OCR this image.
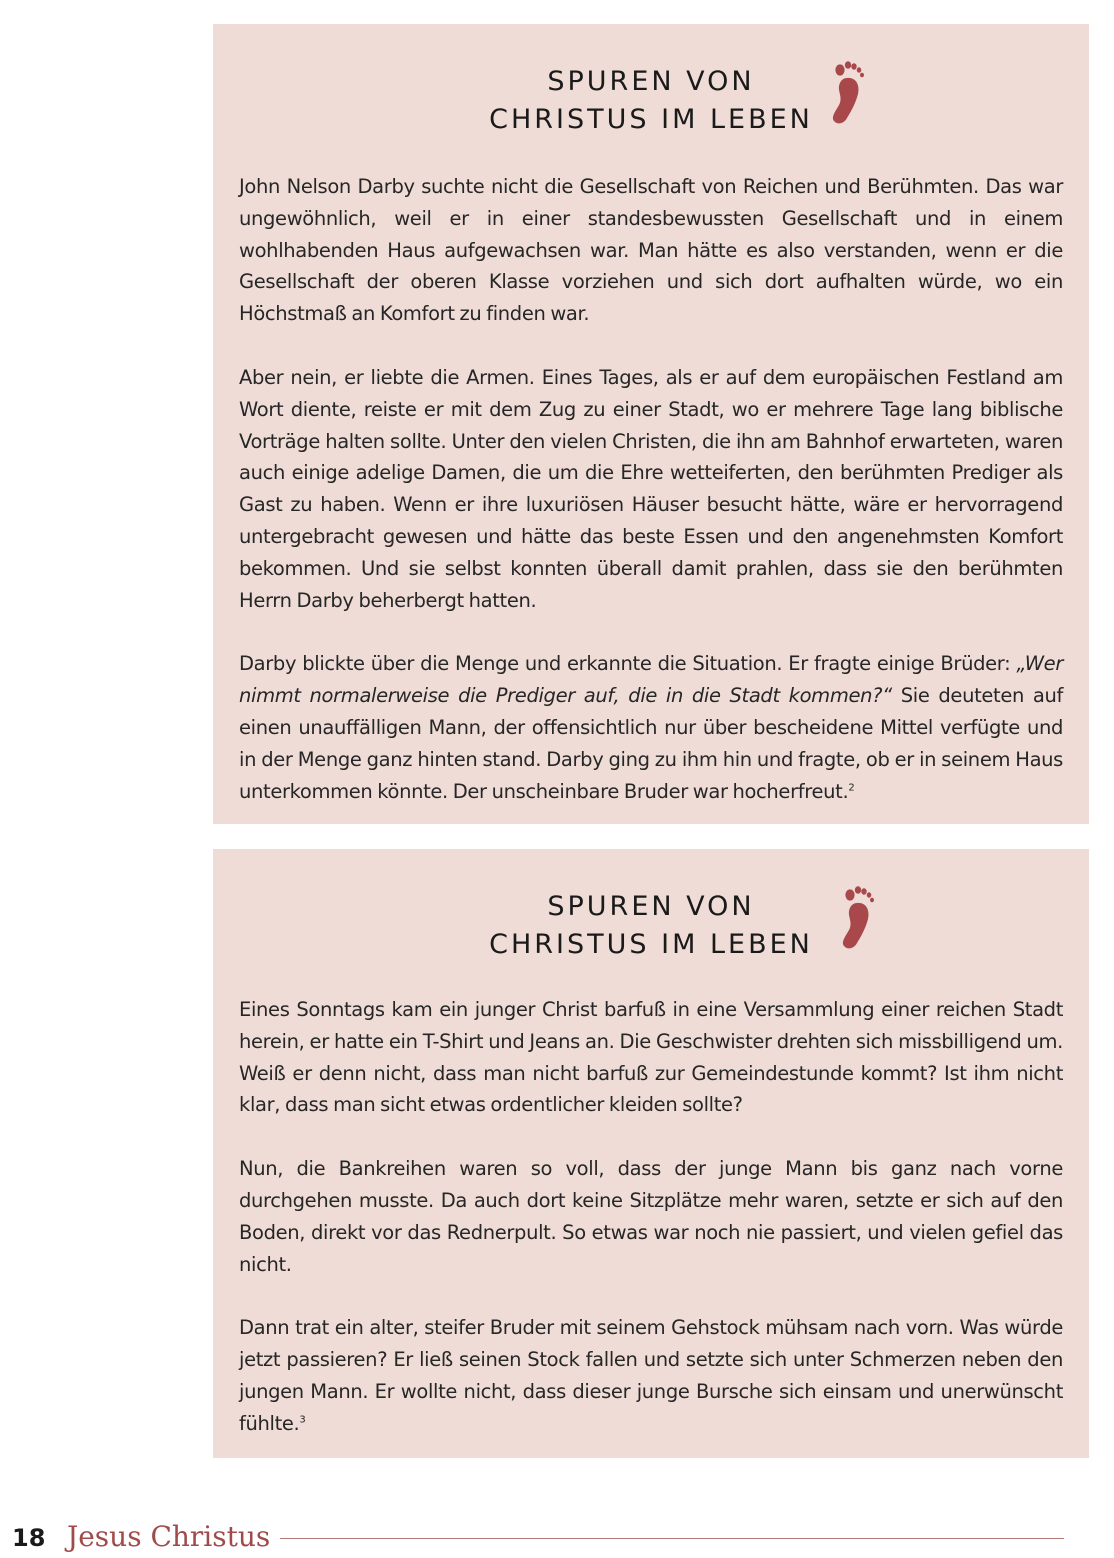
SPUREN VON
CHRISTUS IM LEBEN

John Nelson Darby suchte nicht die Gesellschaft von Reichen und Berühmten. Das war ungewöhnlich, weil er in einer standesbewussten Gesellschaft und in einem wohlhabenden Haus aufgewachsen war. Man hätte es also verstanden, wenn er die Gesellschaft der oberen Klasse vorziehen und sich dort aufhalten würde, wo ein Höchstmaß an Komfort zu finden war.

Aber nein, er liebte die Armen. Eines Tages, als er auf dem europäischen Festland am Wort diente, reiste er mit dem Zug zu einer Stadt, wo er mehrere Tage lang biblische Vorträge halten sollte. Unter den vielen Christen, die ihn am Bahnhof erwarteten, waren auch einige adelige Damen, die um die Ehre wetteiferten, den berühmten Prediger als Gast zu haben. Wenn er ihre luxuriösen Häuser besucht hätte, wäre er hervorragend untergebracht gewesen und hätte das beste Essen und den angenehmsten Komfort bekommen. Und sie selbst konnten überall damit prahlen, dass sie den berühmten Herrn Darby beherbergt hatten.

Darby blickte über die Menge und erkannte die Situation. Er fragte einige Brüder: „Wer nimmt normalerweise die Prediger auf, die in die Stadt kommen?“ Sie deuteten auf einen unauffälligen Mann, der offensichtlich nur über bescheidene Mittel verfügte und in der Menge ganz hinten stand. Darby ging zu ihm hin und fragte, ob er in seinem Haus unterkommen könnte. Der unscheinbare Bruder war hocherfreut.$^2$

SPUREN VON
CHRISTUS IM LEBEN

Eines Sonntags kam ein junger Christ barfuß in eine Versammlung einer reichen Stadt herein, er hatte ein T-Shirt und Jeans an. Die Geschwister drehten sich missbilligend um. Weiß er denn nicht, dass man nicht barfuß zur Gemeindestunde kommt? Ist ihm nicht klar, dass man sicht etwas ordentlicher kleiden sollte?

Nun, die Bankreihen waren so voll, dass der junge Mann bis ganz nach vorne durchgehen musste. Da auch dort keine Sitzplätze mehr waren, setzte er sich auf den Boden, direkt vor das Rednerpult. So etwas war noch nie passiert, und vielen gefiel das nicht.

Dann trat ein alter, steifer Bruder mit seinem Gehstock mühsam nach vorn. Was würde jetzt passieren? Er ließ seinen Stock fallen und setzte sich unter Schmerzen neben den jungen Mann. Er wollte nicht, dass dieser junge Bursche sich einsam und unerwünscht fühlte.$^3$

18 Jesus Christus
